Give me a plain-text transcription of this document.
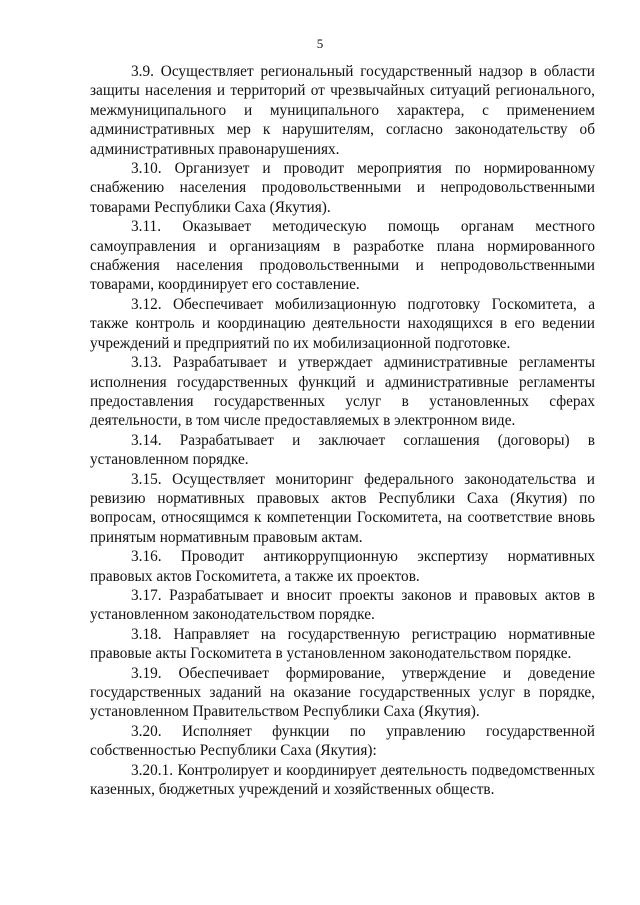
5

3.9. Осуществляет региональный государственный надзор в области защиты населения и территорий от чрезвычайных ситуаций регионального, межмуниципального и муниципального характера, с применением административных мер к нарушителям, согласно законодательству об административных правонарушениях.

3.10. Организует и проводит мероприятия по нормированному снабжению населения продовольственными и непродовольственными товарами Республики Саха (Якутия).

3.11. Оказывает методическую помощь органам местного самоуправления и организациям в разработке плана нормированного снабжения населения продовольственными и непродовольственными товарами, координирует его составление.

3.12. Обеспечивает мобилизационную подготовку Госкомитета, а также контроль и координацию деятельности находящихся в его ведении учреждений и предприятий по их мобилизационной подготовке.

3.13. Разрабатывает и утверждает административные регламенты исполнения государственных функций и административные регламенты предоставления государственных услуг в установленных сферах деятельности, в том числе предоставляемых в электронном виде.

3.14. Разрабатывает и заключает соглашения (договоры) в установленном порядке.

3.15. Осуществляет мониторинг федерального законодательства и ревизию нормативных правовых актов Республики Саха (Якутия) по вопросам, относящимся к компетенции Госкомитета, на соответствие вновь принятым нормативным правовым актам.

3.16. Проводит антикоррупционную экспертизу нормативных правовых актов Госкомитета, а также их проектов.

3.17. Разрабатывает и вносит проекты законов и правовых актов в установленном законодательством порядке.

3.18. Направляет на государственную регистрацию нормативные правовые акты Госкомитета в установленном законодательством порядке.

3.19. Обеспечивает формирование, утверждение и доведение государственных заданий на оказание государственных услуг в порядке, установленном Правительством Республики Саха (Якутия).

3.20. Исполняет функции по управлению государственной собственностью Республики Саха (Якутия):

3.20.1. Контролирует и координирует деятельность подведомственных казенных, бюджетных учреждений и хозяйственных обществ.
